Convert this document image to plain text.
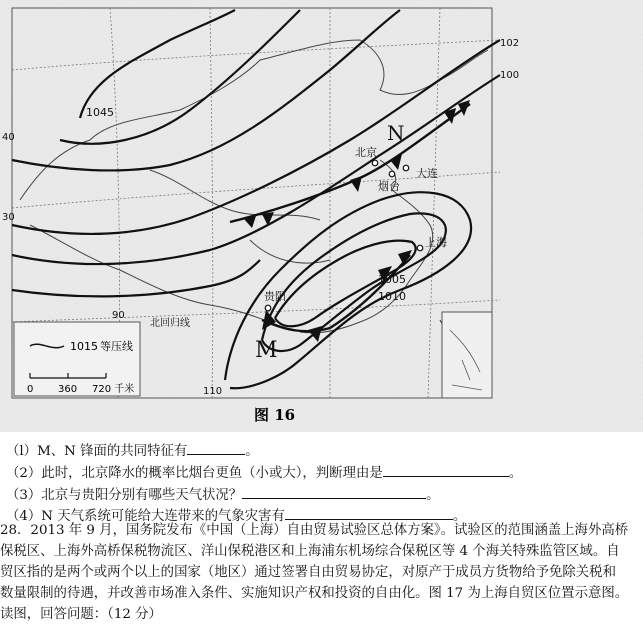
N
M
北京
烟台
大连
上海
贵阳
1045
1005
1010
40
30
90
110
北回归线
102
100
1015 等压线
0 360 720 千米
图 16
（l）M、N 锋面的共同特征有	。
（2）此时，北京降水的概率比烟台更鱼（小或大），判断理由是	。
（3）北京与贵阳分别有哪些天气状况？	。
（4）N 天气系统可能给大连带来的气象灾害有	。
28．2013 年 9 月，国务院发布《中国（上海）自由贸易试验区总体方案》。试验区的范围涵盖上海外高桥
保税区、上海外高桥保税物流区、洋山保税港区和上海浦东机场综合保税区等 4 个海关特殊监管区域。自
贸区指的是两个或两个以上的国家（地区）通过签署自由贸易协定，对原产于成员方货物给予免除关税和
数量限制的待遇，并改善市场准入条件、实施知识产权和投资的自由化。图 17 为上海自贸区位置示意图。
读图，回答问题：（12 分）
